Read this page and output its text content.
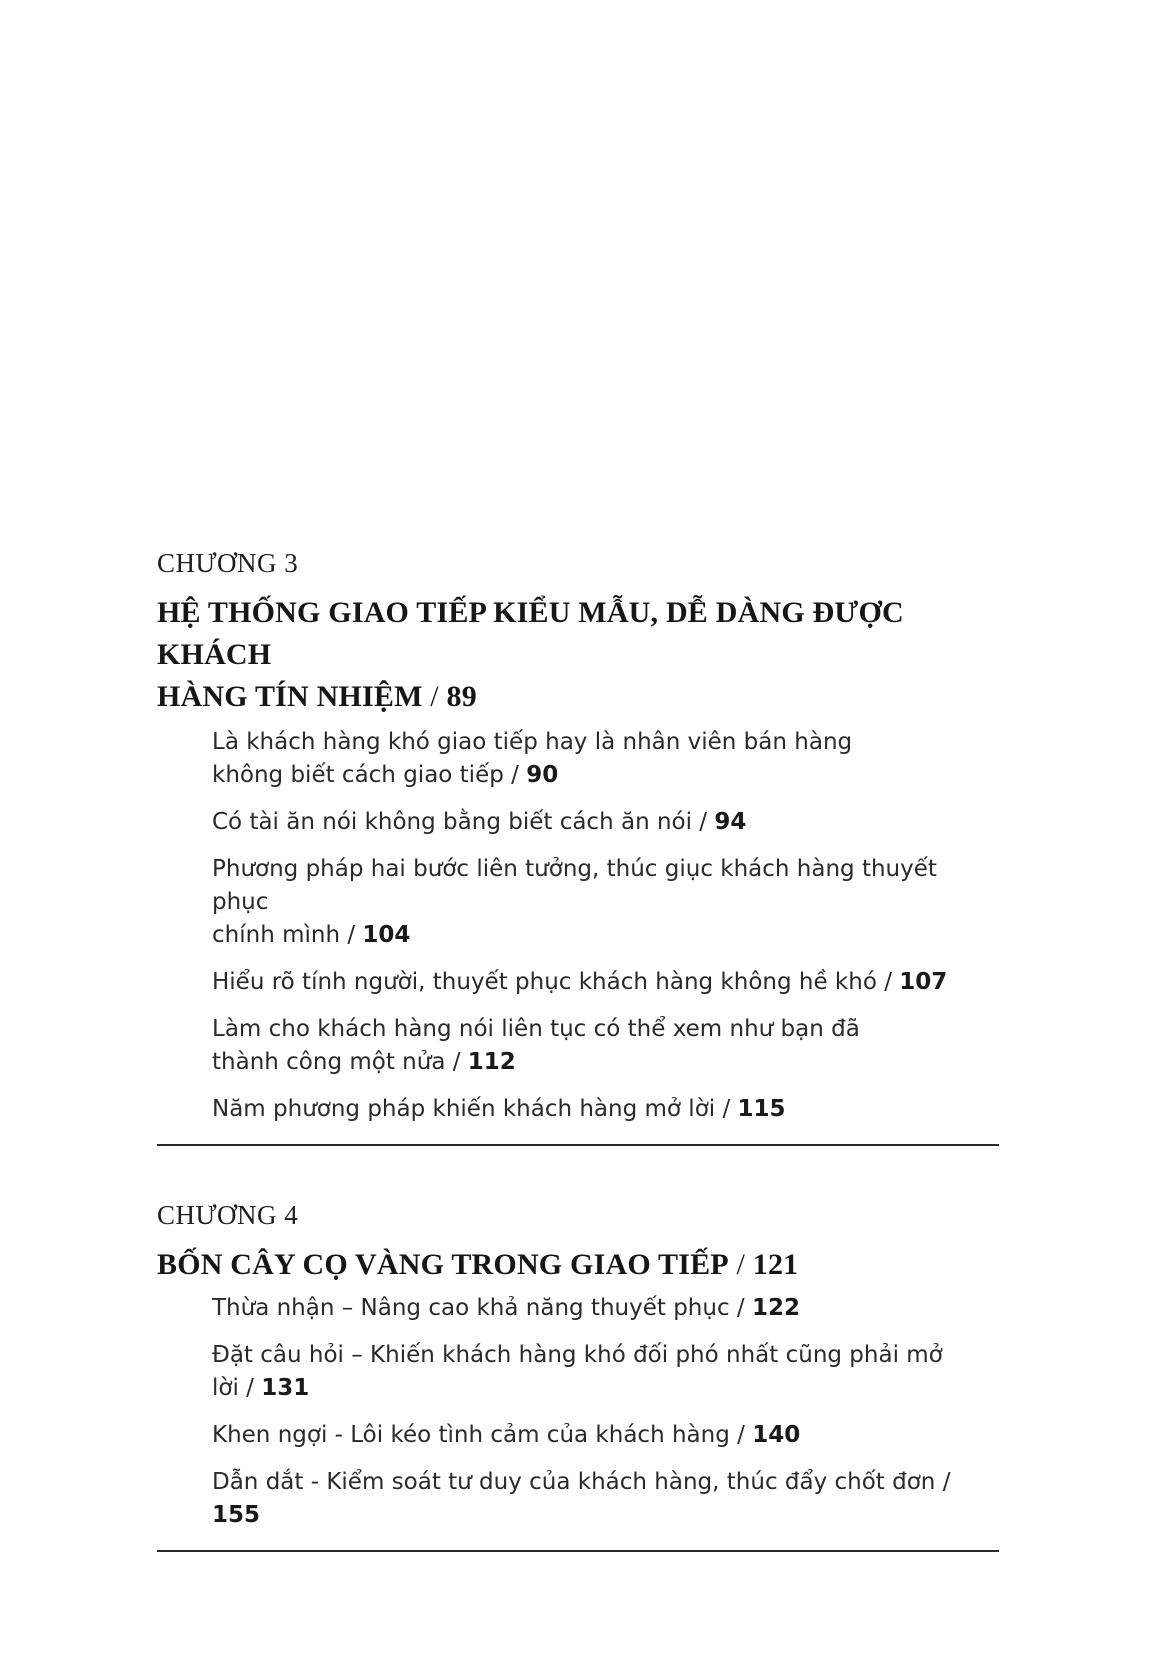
CHƯƠNG 3
HỆ THỐNG GIAO TIẾP KIỂU MẪU, DỄ DÀNG ĐƯỢC KHÁCH
HÀNG TÍN NHIỆM / 89
Là khách hàng khó giao tiếp hay là nhân viên bán hàng
không biết cách giao tiếp / 90
Có tài ăn nói không bằng biết cách ăn nói / 94
Phương pháp hai bước liên tưởng, thúc giục khách hàng thuyết phục
chính mình / 104
Hiểu rõ tính người, thuyết phục khách hàng không hề khó / 107
Làm cho khách hàng nói liên tục có thể xem như bạn đã
thành công một nửa / 112
Năm phương pháp khiến khách hàng mở lời / 115
CHƯƠNG 4
BỐN CÂY CỌ VÀNG TRONG GIAO TIẾP / 121
Thừa nhận – Nâng cao khả năng thuyết phục / 122
Đặt câu hỏi – Khiến khách hàng khó đối phó nhất cũng phải mở lời / 131
Khen ngợi - Lôi kéo tình cảm của khách hàng / 140
Dẫn dắt - Kiểm soát tư duy của khách hàng, thúc đẩy chốt đơn / 155
